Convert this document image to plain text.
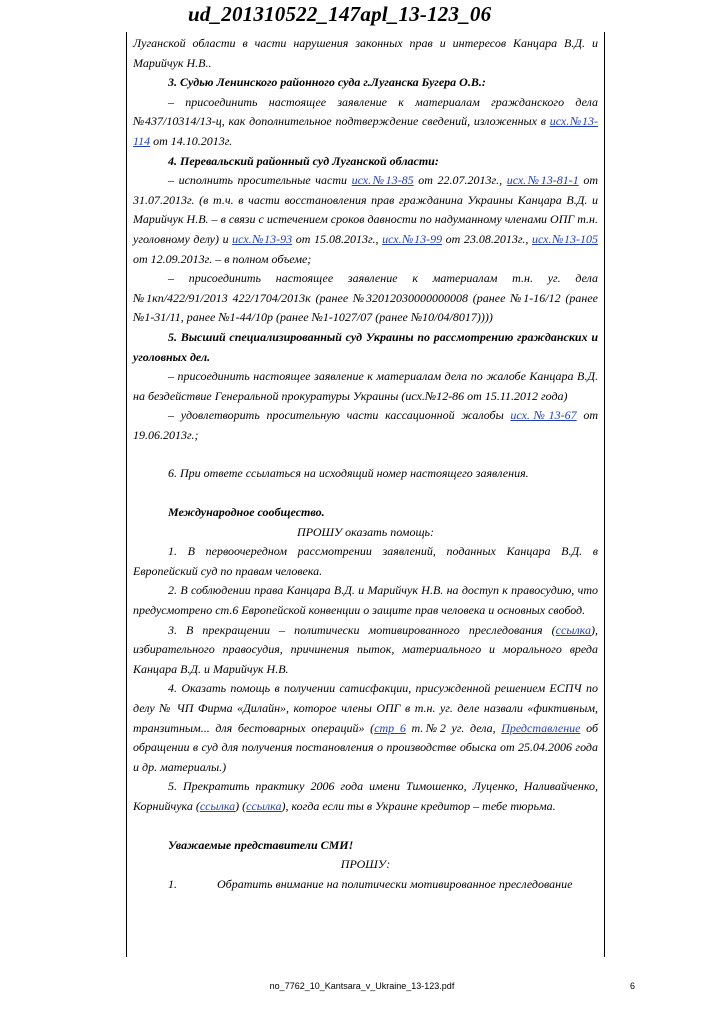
ud_201310522_147apl_13-123_06

Луганской области в части нарушения законных прав и интересов Канцара В.Д. и Марийчук Н.В..

3. Судью Ленинского районного суда г.Луганска Бугера О.В.:

– присоединить настоящее заявление к материалам гражданского дела №437/10314/13-ц, как дополнительное подтверждение сведений, изложенных в исх.№13-114 от 14.10.2013г.

4. Перевальский районный суд Луганской области:

– исполнить просительные части исх.№13-85 от 22.07.2013г., исх.№13-81-1 от 31.07.2013г. (в т.ч. в части восстановления прав гражданина Украины Канцара В.Д. и Марийчук Н.В. – в связи с истечением сроков давности по надуманному членами ОПГ т.н. уголовному делу) и исх.№13-93 от 15.08.2013г., исх.№13-99 от 23.08.2013г., исх.№13-105 от 12.09.2013г. – в полном объеме;

– присоединить настоящее заявление к материалам т.н. уг. дела №1кп/422/91/2013 422/1704/2013к (ранее №32012030000000008 (ранее №1-16/12 (ранее №1-31/11, ранее №1-44/10р (ранее №1-1027/07 (ранее №10/04/8017))))

5. Высший специализированный суд Украины по рассмотрению гражданских и уголовных дел.

– присоединить настоящее заявление к материалам дела по жалобе Канцара В.Д. на бездействие Генеральной прокуратуры Украины (исх.№12-86 от 15.11.2012 года)

– удовлетворить просительную части кассационной жалобы исх.№13-67 от 19.06.2013г.;

6. При ответе ссылаться на исходящий номер настоящего заявления.

Международное сообщество.

ПРОШУ оказать помощь:

1. В первоочередном рассмотрении заявлений, поданных Канцара В.Д. в Европейский суд по правам человека.

2. В соблюдении права Канцара В.Д. и Марийчук Н.В. на доступ к правосудию, что предусмотрено ст.6 Европейской конвенции о защите прав человека и основных свобод.

3. В прекращении – политически мотивированного преследования (ссылка), избирательного правосудия, причинения пыток, материального и морального вреда Канцара В.Д. и Марийчук Н.В.

4. Оказать помощь в получении сатисфакции, присужденной решением ЕСПЧ по делу № ЧП Фирма «Дилайн», которое члены ОПГ в т.н. уг. деле назвали «фиктивным, транзитным... для бестоварных операций» (стр 6 т.№2 уг. дела, Представление об обращении в суд для получения постановления о производстве обыска от 25.04.2006 года и др. материалы.)

5. Прекратить практику 2006 года имени Тимошенко, Луценко, Наливайченко, Корнийчука (ссылка) (ссылка), когда если ты в Украине кредитор – тебе тюрьма.

Уважаемые представители СМИ!

ПРОШУ:

1.	Обратить внимание на политически мотивированное преследование

no_7762_10_Kantsara_v_Ukraine_13-123.pdf	6
